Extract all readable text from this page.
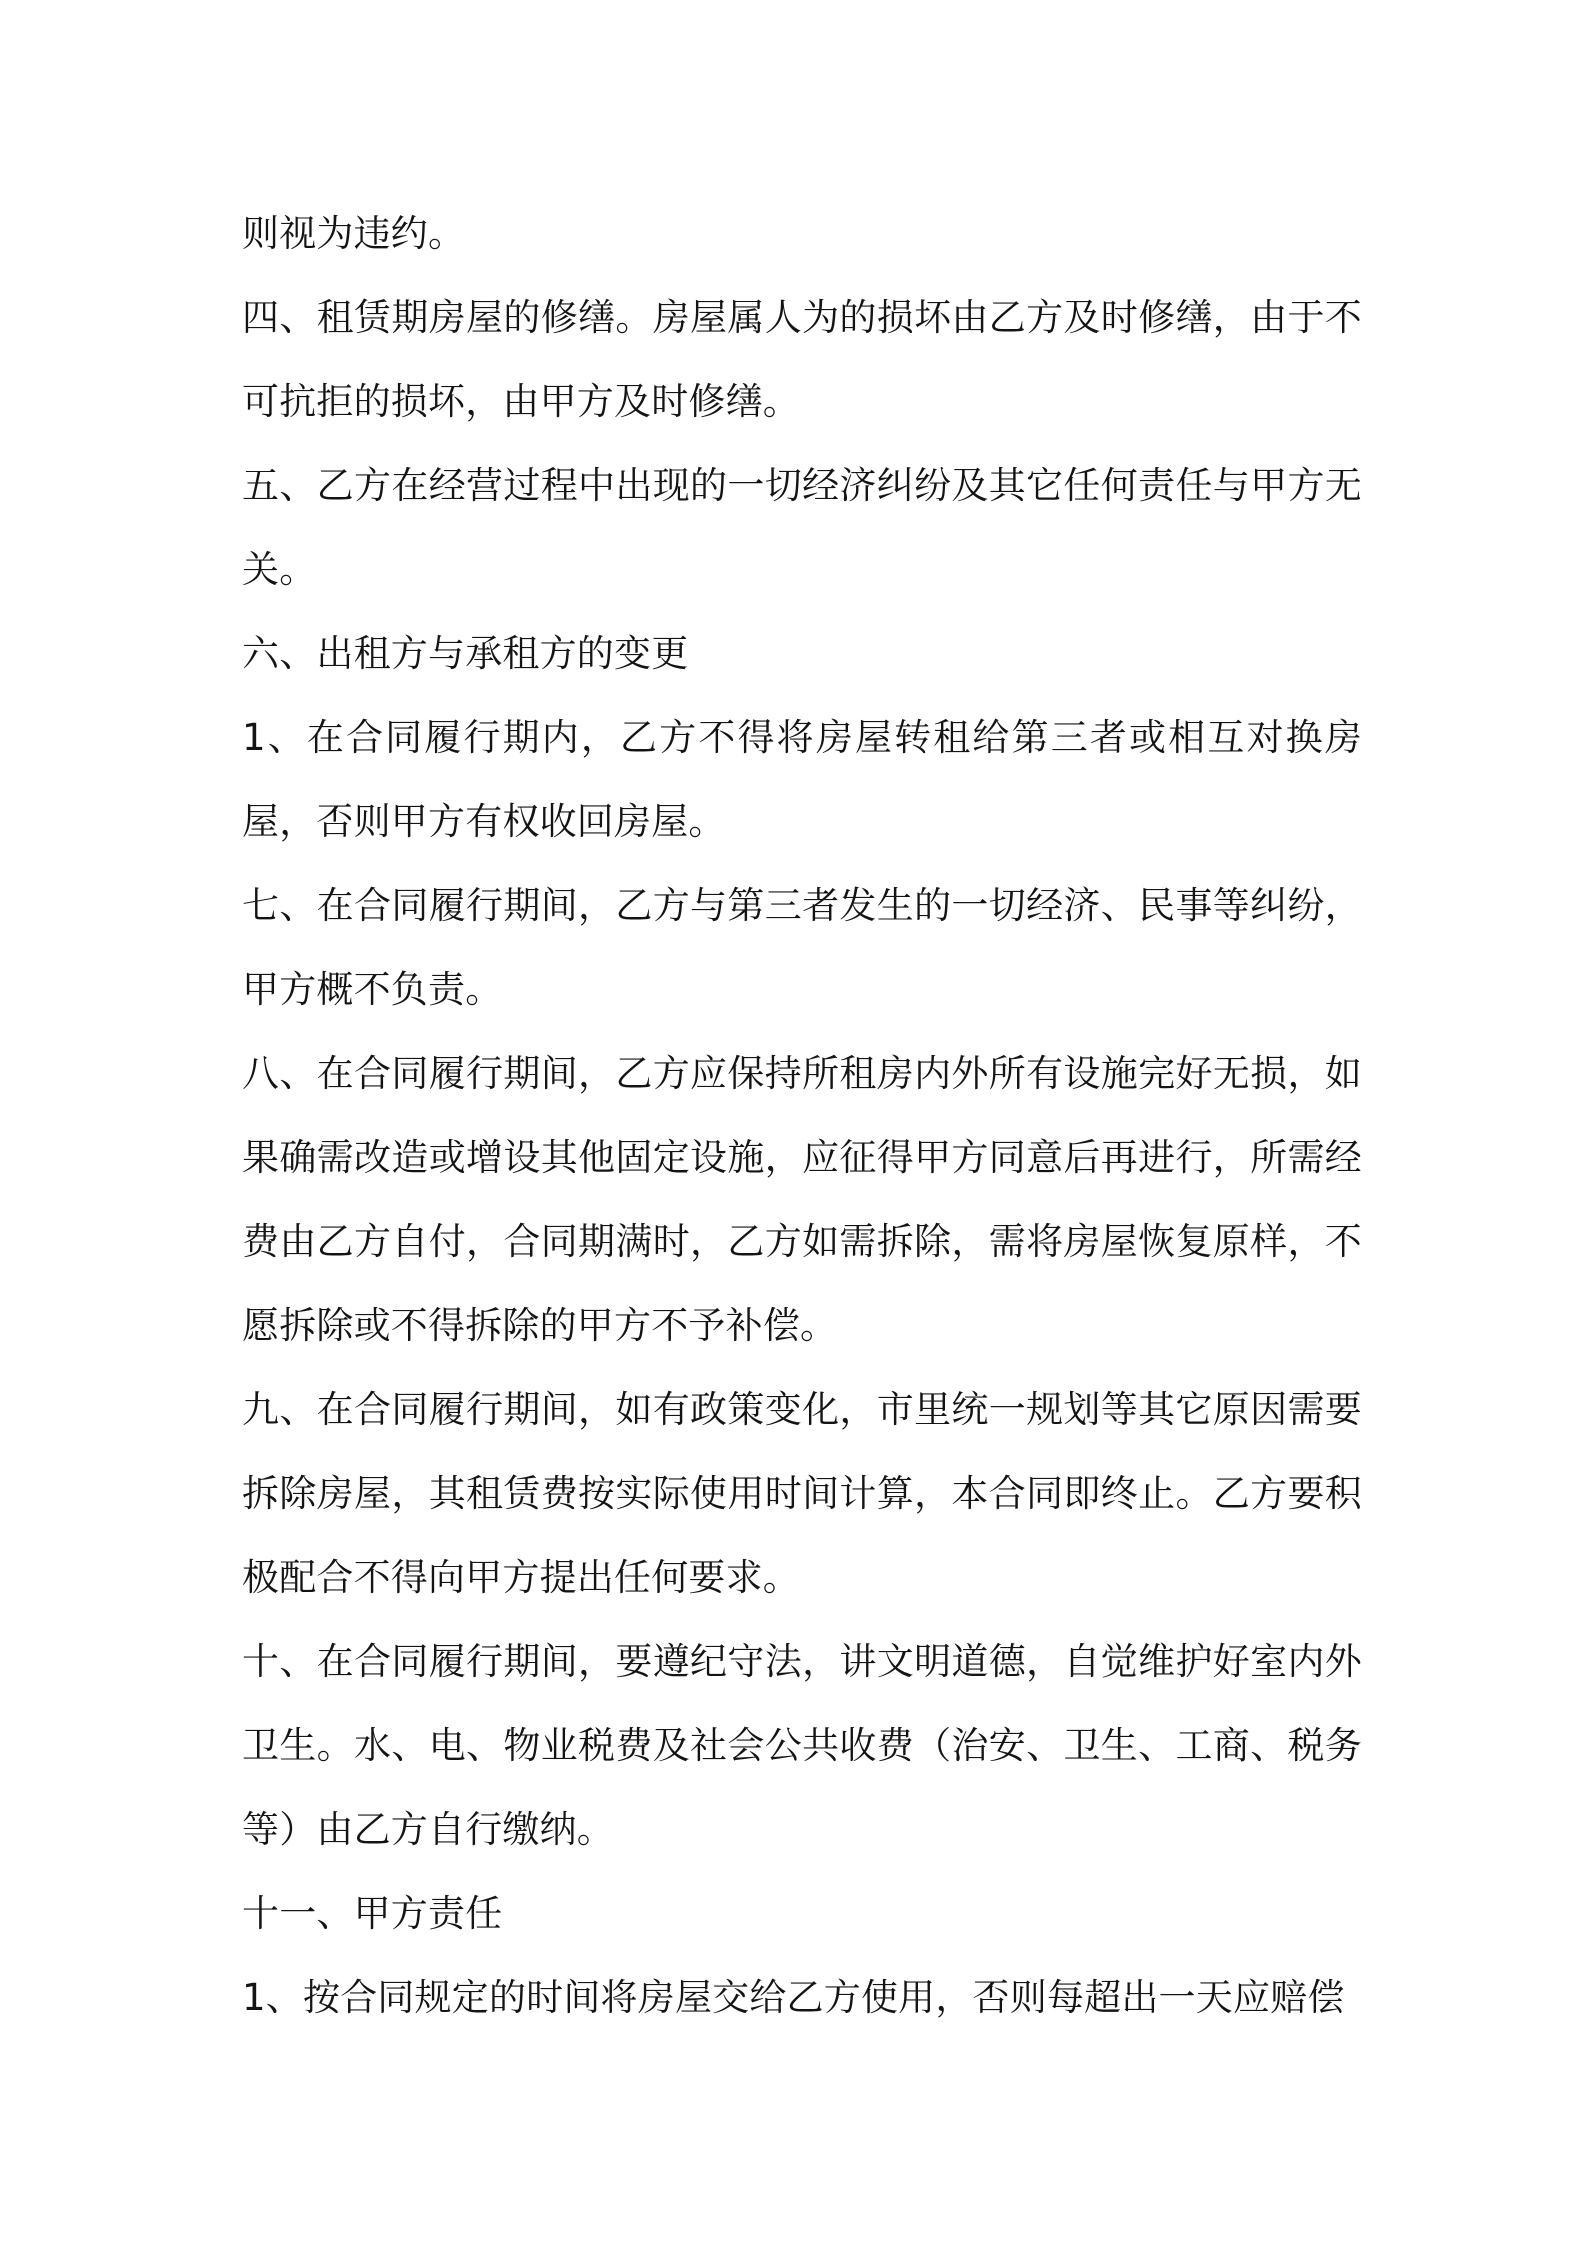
则视为违约。

四、租赁期房屋的修缮。房屋属人为的损坏由乙方及时修缮，由于不可抗拒的损坏，由甲方及时修缮。

五、乙方在经营过程中出现的一切经济纠纷及其它任何责任与甲方无关。

六、出租方与承租方的变更

1、在合同履行期内，乙方不得将房屋转租给第三者或相互对换房屋，否则甲方有权收回房屋。

七、在合同履行期间，乙方与第三者发生的一切经济、民事等纠纷，甲方概不负责。

八、在合同履行期间，乙方应保持所租房内外所有设施完好无损，如果确需改造或增设其他固定设施，应征得甲方同意后再进行，所需经费由乙方自付，合同期满时，乙方如需拆除，需将房屋恢复原样，不愿拆除或不得拆除的甲方不予补偿。

九、在合同履行期间，如有政策变化，市里统一规划等其它原因需要拆除房屋，其租赁费按实际使用时间计算，本合同即终止。乙方要积极配合不得向甲方提出任何要求。

十、在合同履行期间，要遵纪守法，讲文明道德，自觉维护好室内外卫生。水、电、物业税费及社会公共收费（治安、卫生、工商、税务等）由乙方自行缴纳。

十一、甲方责任

1、按合同规定的时间将房屋交给乙方使用，否则每超出一天应赔偿
